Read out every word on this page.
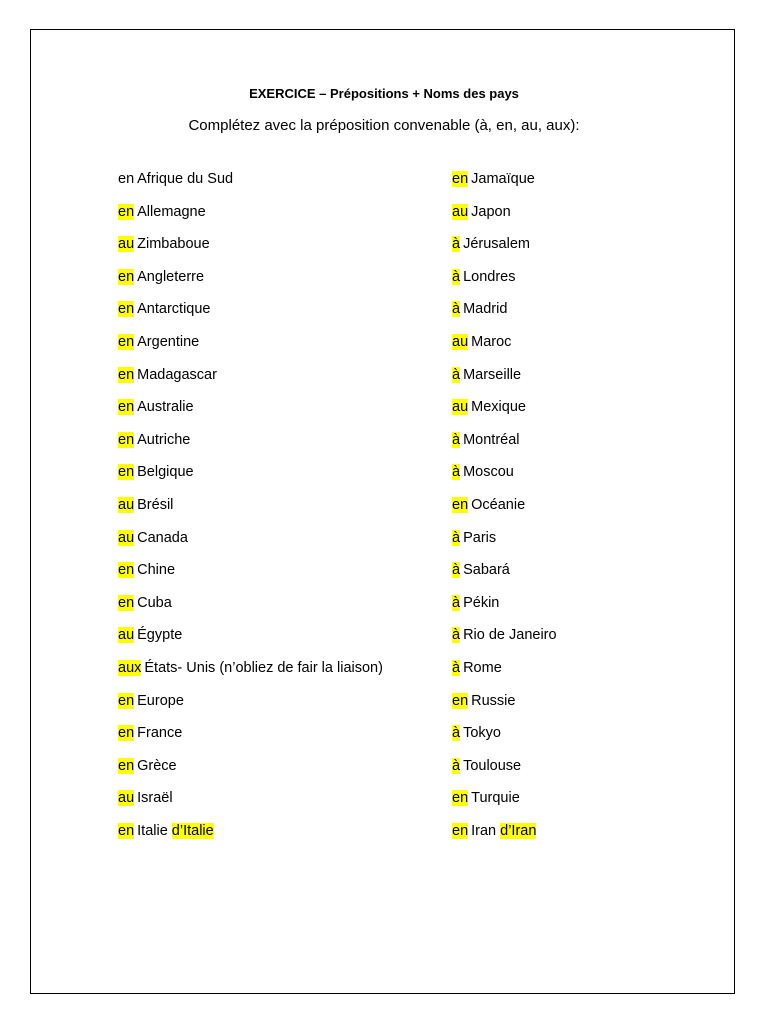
EXERCICE – Prépositions + Noms des pays
Complétez avec la préposition convenable (à, en, au, aux):
en Afrique du Sud
en Allemagne
au Zimbaboue
en Angleterre
en Antarctique
en Argentine
en Madagascar
en Australie
en Autriche
en Belgique
au Brésil
au Canada
en Chine
en Cuba
au Égypte
aux États- Unis (n’obliez de fair la liaison)
en Europe
en France
en Grèce
au Israël
en Italie d’Italie
en Jamaïque
au Japon
à Jérusalem
à Londres
à Madrid
au Maroc
à Marseille
au Mexique
à Montréal
à Moscou
en Océanie
à Paris
à Sabará
à Pékin
à Rio de Janeiro
à Rome
en Russie
à Tokyo
à Toulouse
en Turquie
en Iran d’Iran
